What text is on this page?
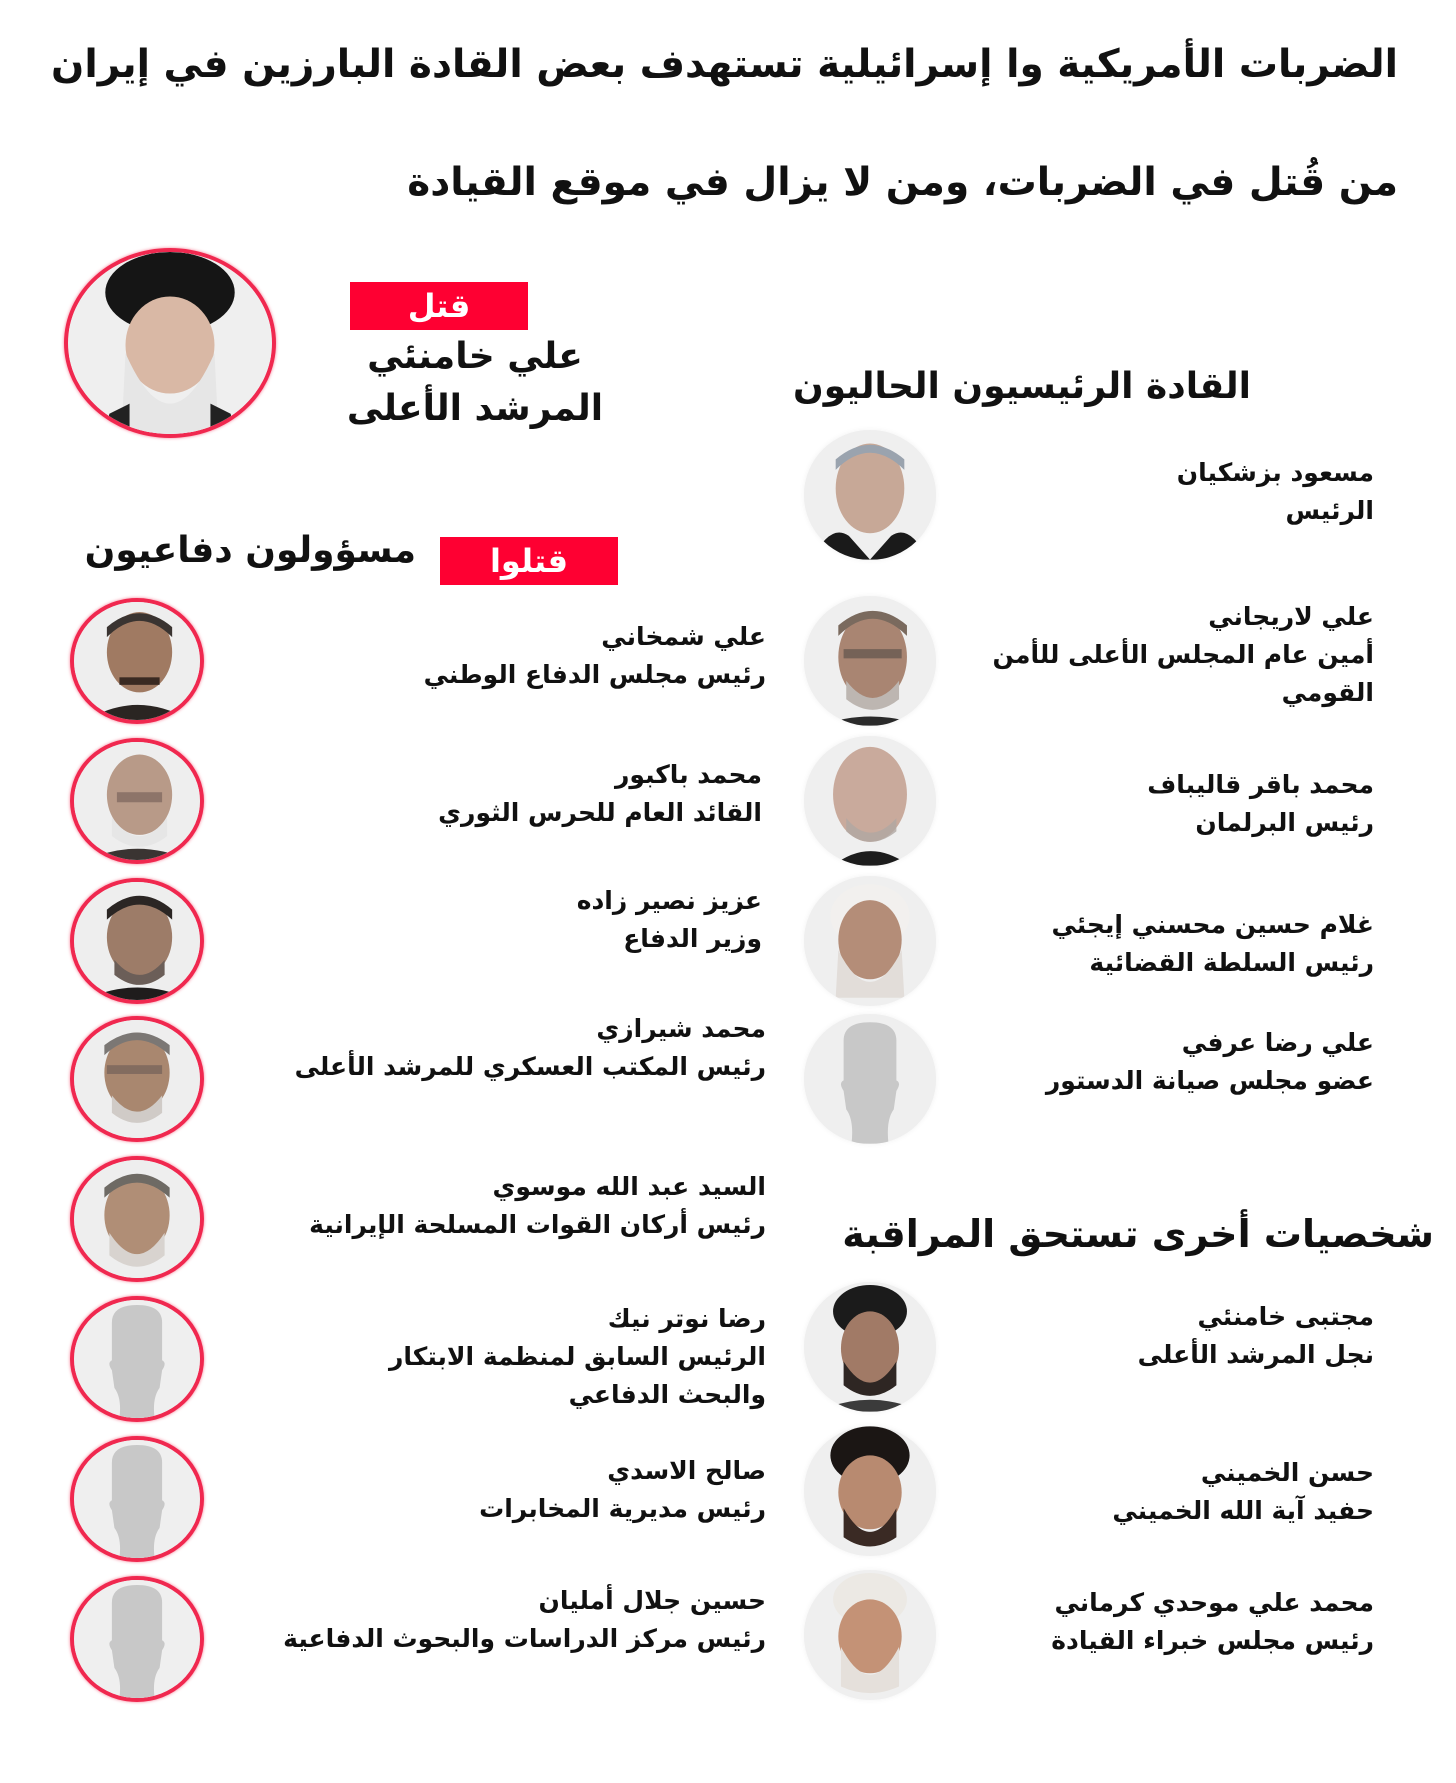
الضربات الأمريكية وا إسرائيلية تستهدف بعض القادة البارزين في إيران
من قُتل في الضربات، ومن لا يزال في موقع القيادة
قتل
علي خامنئي
المرشد الأعلى
القادة الرئيسيون الحاليون
مسؤولون دفاعيون	قتلوا
شخصيات أخرى تستحق المراقبة
علي شمخاني
رئيس مجلس الدفاع الوطني
محمد باكبور
القائد العام للحرس الثوري
عزيز نصير زاده
وزير الدفاع
محمد شيرازي
رئيس المكتب العسكري للمرشد الأعلى
السيد عبد الله موسوي
رئيس أركان القوات المسلحة الإيرانية
رضا نوتر نيك
الرئيس السابق لمنظمة الابتكار
والبحث الدفاعي
صالح الاسدي
رئيس مديرية المخابرات
حسين جلال أمليان
رئيس مركز الدراسات والبحوث الدفاعية
مسعود بزشكيان
الرئيس
علي لاريجاني
أمين عام المجلس الأعلى للأمن
القومي
محمد باقر قاليباف
رئيس البرلمان
غلام حسين محسني إيجئي
رئيس السلطة القضائية
علي رضا عرفي
عضو مجلس صيانة الدستور
مجتبى خامنئي
نجل المرشد الأعلى
حسن الخميني
حفيد آية الله الخميني
محمد علي موحدي كرماني
رئيس مجلس خبراء القيادة
